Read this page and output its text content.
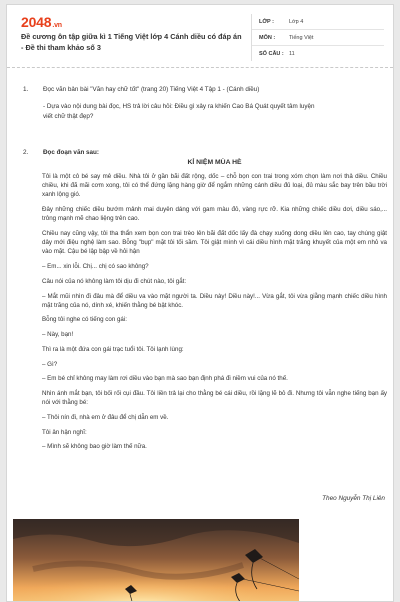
2048.vn
Đề cương ôn tập giữa kì 1 Tiếng Việt lớp 4 Cánh diều có đáp án - Đề thi tham khảo số 3
LỚP :	Lớp 4
MÔN :	Tiếng Việt
SỐ CÂU : 11
1. Đọc văn bản bài "Văn hay chữ tốt" (trang 20) Tiếng Việt 4 Tập 1 - (Cánh diều)
- Dựa vào nội dung bài đọc, HS trả lời câu hỏi: Điều gì xảy ra khiến Cao Bá Quát quyết tâm luyện
viết chữ thật đẹp?
2. Đọc đoạn văn sau:
KỈ NIỆM MÙA HÈ

Tôi là một cô bé say mê diều. Nhà tôi ở gần bãi đất rộng, dốc – chỗ bọn con trai trong xóm chọn làm nơi thả diều. Chiều chiều, khi đã mãi cơm xong, tôi có thể đứng lặng hàng giờ để ngắm những cánh diều đủ loại, đủ màu sắc bay trên bầu trời xanh lộng gió.

Đây những chiếc diều bướm mảnh mai duyên dáng với gam màu đỏ, vàng rực rỡ. Kia những chiếc diều dơi, diều sáo,... trông mạnh mẽ chao liệng trên cao.

Chiều nay cũng vậy, tôi tha thẩn xem bọn con trai trèo lên bãi đất dốc lấy đà chạy xuống dong diều lên cao, tay chúng giật dây mới điệu nghệ làm sao. Bỗng "bụp" mặt tôi tối sầm. Tôi giật mình vì cái diều hình mặt trăng khuyết của một em nhỏ va vào mặt. Cậu bé lập bập về hỏi hận

– Em... xin lỗi. Chị... chị có sao không?

Câu nói của nó không làm tôi dịu đi chút nào, tôi gắt:

– Mắt mũi nhìn đi đâu mà để diều va vào mặt người ta. Diều này! Diều này!... Vừa gắt, tôi vừa giằng mạnh chiếc diều hình mặt trăng của nó, dính xé, khiến thằng bé bật khóc.

Bỗng tôi nghe có tiếng con gái:

– Này, bạn!

Thì ra là một đứa con gái trạc tuổi tôi. Tôi lạnh lùng:

– Gì?

– Em bé chỉ không may làm rơi diều vào bạn mà sao bạn định phá đi niềm vui của nó thế.

Nhìn ánh mắt bạn, tôi bối rối cụi đầu. Tôi liền trả lại cho thằng bé cái diều, rồi lặng lẽ bỏ đi. Nhưng tôi vẫn nghe tiếng bạn ấy nói với thằng bé:

– Thôi nín đi, nhà em ở đâu để chị dẫn em về.

Tôi ân hận nghĩ:

– Mình sẽ không bao giờ làm thế nữa.

Theo Nguyễn Thị Liên
